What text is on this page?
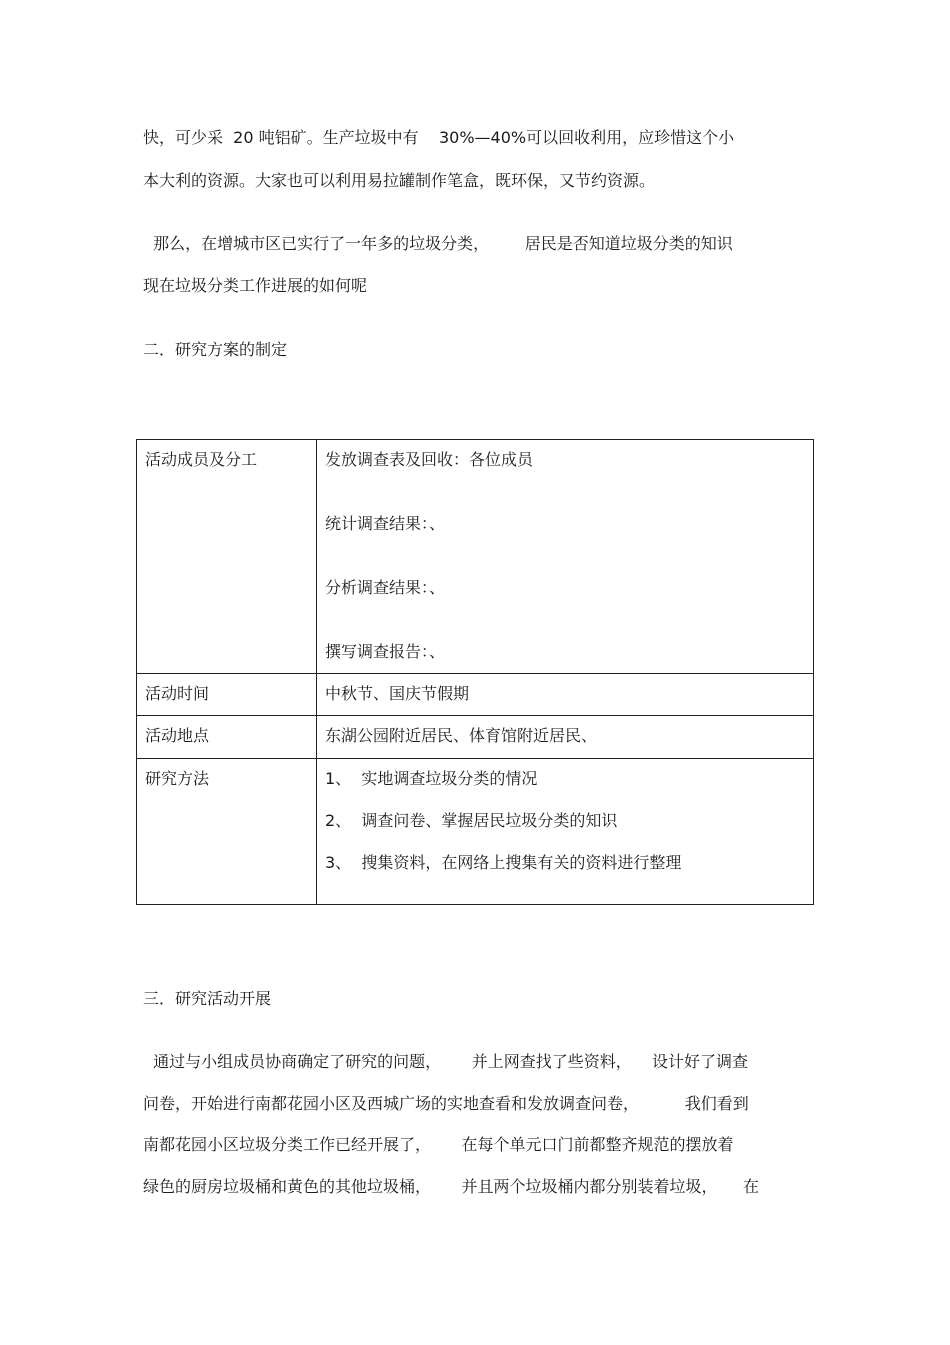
快，可少采  20 吨铝矿。生产垃圾中有    30%—40%可以回收利用，应珍惜这个小
本大利的资源。大家也可以利用易拉罐制作笔盒，既环保，又节约资源。
那么，在增城市区已实行了一年多的垃圾分类，       居民是否知道垃圾分类的知识
现在垃圾分类工作进展的如何呢
二．研究方案的制定
活动成员及分工	发放调查表及回收：各位成员
统计调查结果：、
分析调查结果：、
撰写调查报告：、

活动时间	中秋节、国庆节假期
活动地点	东湖公园附近居民、体育馆附近居民、
研究方法	1、  实地调查垃圾分类的情况
2、  调查问卷、掌握居民垃圾分类的知识
3、  搜集资料，在网络上搜集有关的资料进行整理
三．研究活动开展
通过与小组成员协商确定了研究的问题，      并上网查找了些资料，    设计好了调查
问卷，开始进行南都花园小区及西城广场的实地查看和发放调查问卷，         我们看到
南都花园小区垃圾分类工作已经开展了，      在每个单元口门前都整齐规范的摆放着
绿色的厨房垃圾桶和黄色的其他垃圾桶，      并且两个垃圾桶内都分别装着垃圾，     在
